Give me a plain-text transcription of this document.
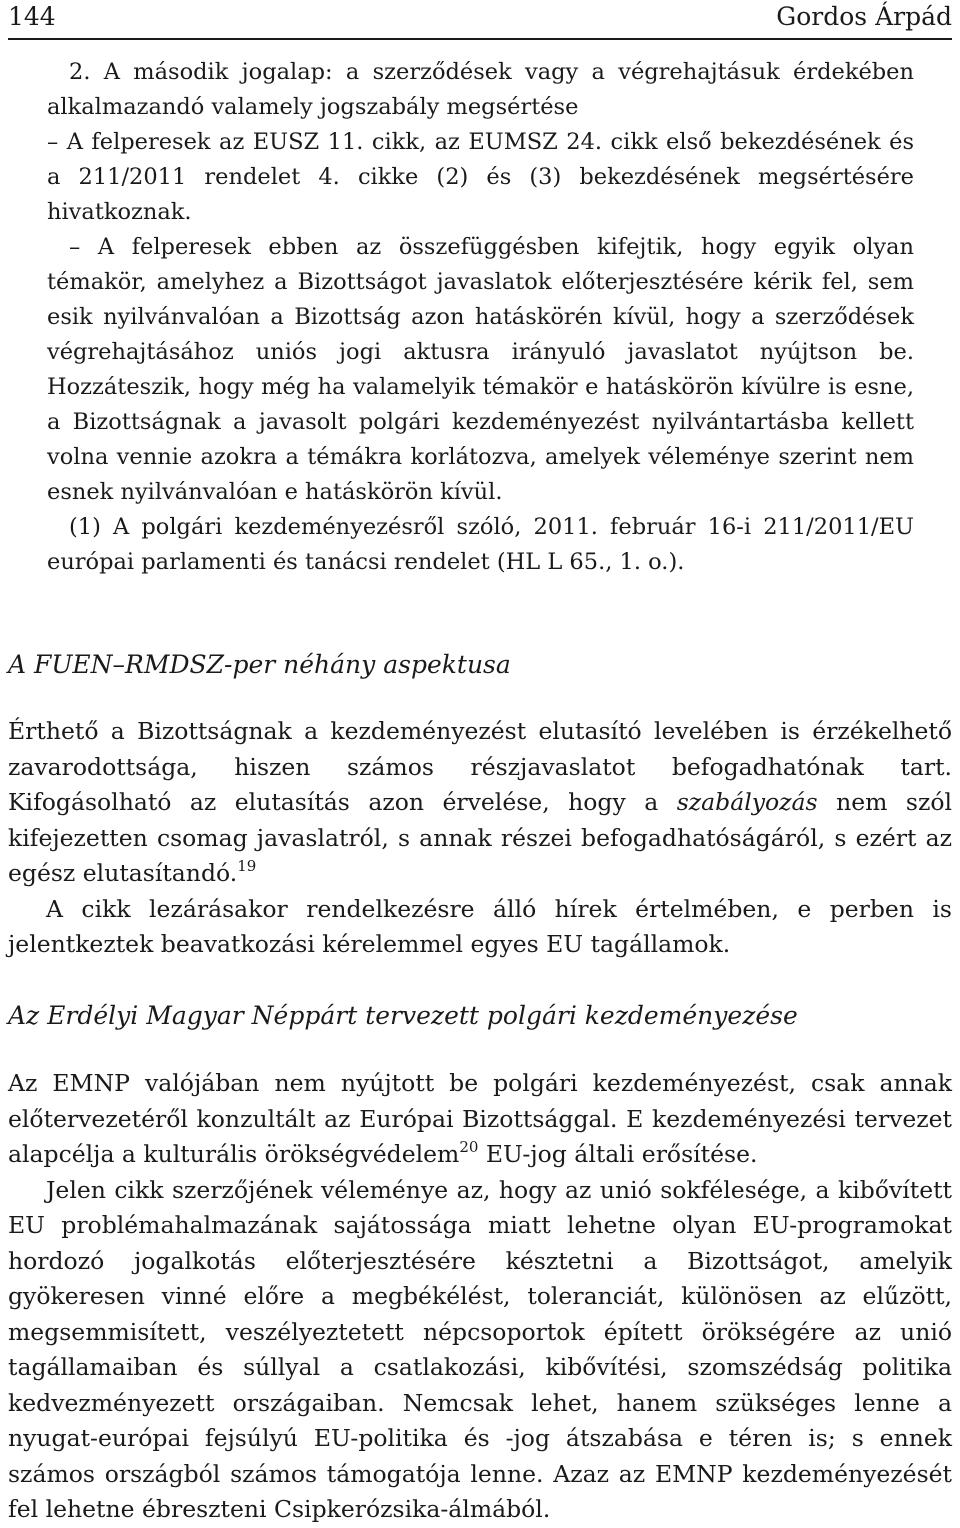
144	Gordos Árpád

2. A második jogalap: a szerződések vagy a végrehajtásuk érdekében alkalmazandó valamely jogszabály megsértése

– A felperesek az EUSZ 11. cikk, az EUMSZ 24. cikk első bekezdésének és a 211/2011 rendelet 4. cikke (2) és (3) bekezdésének megsértésére hivatkoznak.

– A felperesek ebben az összefüggésben kifejtik, hogy egyik olyan témakör, amelyhez a Bizottságot javaslatok előterjesztésére kérik fel, sem esik nyilvánvalóan a Bizottság azon hatáskörén kívül, hogy a szerződések végrehajtásához uniós jogi aktusra irányuló javaslatot nyújtson be. Hozzáteszik, hogy még ha valamelyik témakör e hatáskörön kívülre is esne, a Bizottságnak a javasolt polgári kezdeményezést nyilvántartásba kellett volna vennie azokra a témákra korlátozva, amelyek véleménye szerint nem esnek nyilvánvalóan e hatáskörön kívül.

(1) A polgári kezdeményezésről szóló, 2011. február 16-i 211/2011/EU európai parlamenti és tanácsi rendelet (HL L 65., 1. o.).

A FUEN–RMDSZ-per néhány aspektusa

Érthető a Bizottságnak a kezdeményezést elutasító levelében is érzékelhető zavarodottsága, hiszen számos részjavaslatot befogadhatónak tart. Kifogásolható az elutasítás azon érvelése, hogy a szabályozás nem szól kifejezetten csomag javaslatról, s annak részei befogadhatóságáról, s ezért az egész elutasítandó.$^{19}$

A cikk lezárásakor rendelkezésre álló hírek értelmében, e perben is jelentkeztek beavatkozási kérelemmel egyes EU tagállamok.

Az Erdélyi Magyar Néppárt tervezett polgári kezdeményezése

Az EMNP valójában nem nyújtott be polgári kezdeményezést, csak annak előtervezetéről konzultált az Európai Bizottsággal. E kezdeményezési tervezet alapcélja a kulturális örökségvédelem$^{20}$ EU-jog általi erősítése.

Jelen cikk szerzőjének véleménye az, hogy az unió sokfélesége, a kibővített EU problémahalmazának sajátossága miatt lehetne olyan EU-programokat hordozó jogalkotás előterjesztésére késztetni a Bizottságot, amelyik gyökeresen vinné előre a megbékélést, toleranciát, különösen az elűzött, megsemmisített, veszélyeztetett népcsoportok épített örökségére az unió tagállamaiban és súllyal a csatlakozási, kibővítési, szomszédság politika kedvezményezett országaiban. Nemcsak lehet, hanem szükséges lenne a nyugat-európai fejsúlyú EU-politika és -jog átszabása e téren is; s ennek számos országból számos támogatója lenne. Azaz az EMNP kezdeményezését fel lehetne ébreszteni Csipkerózsika-álmából.
